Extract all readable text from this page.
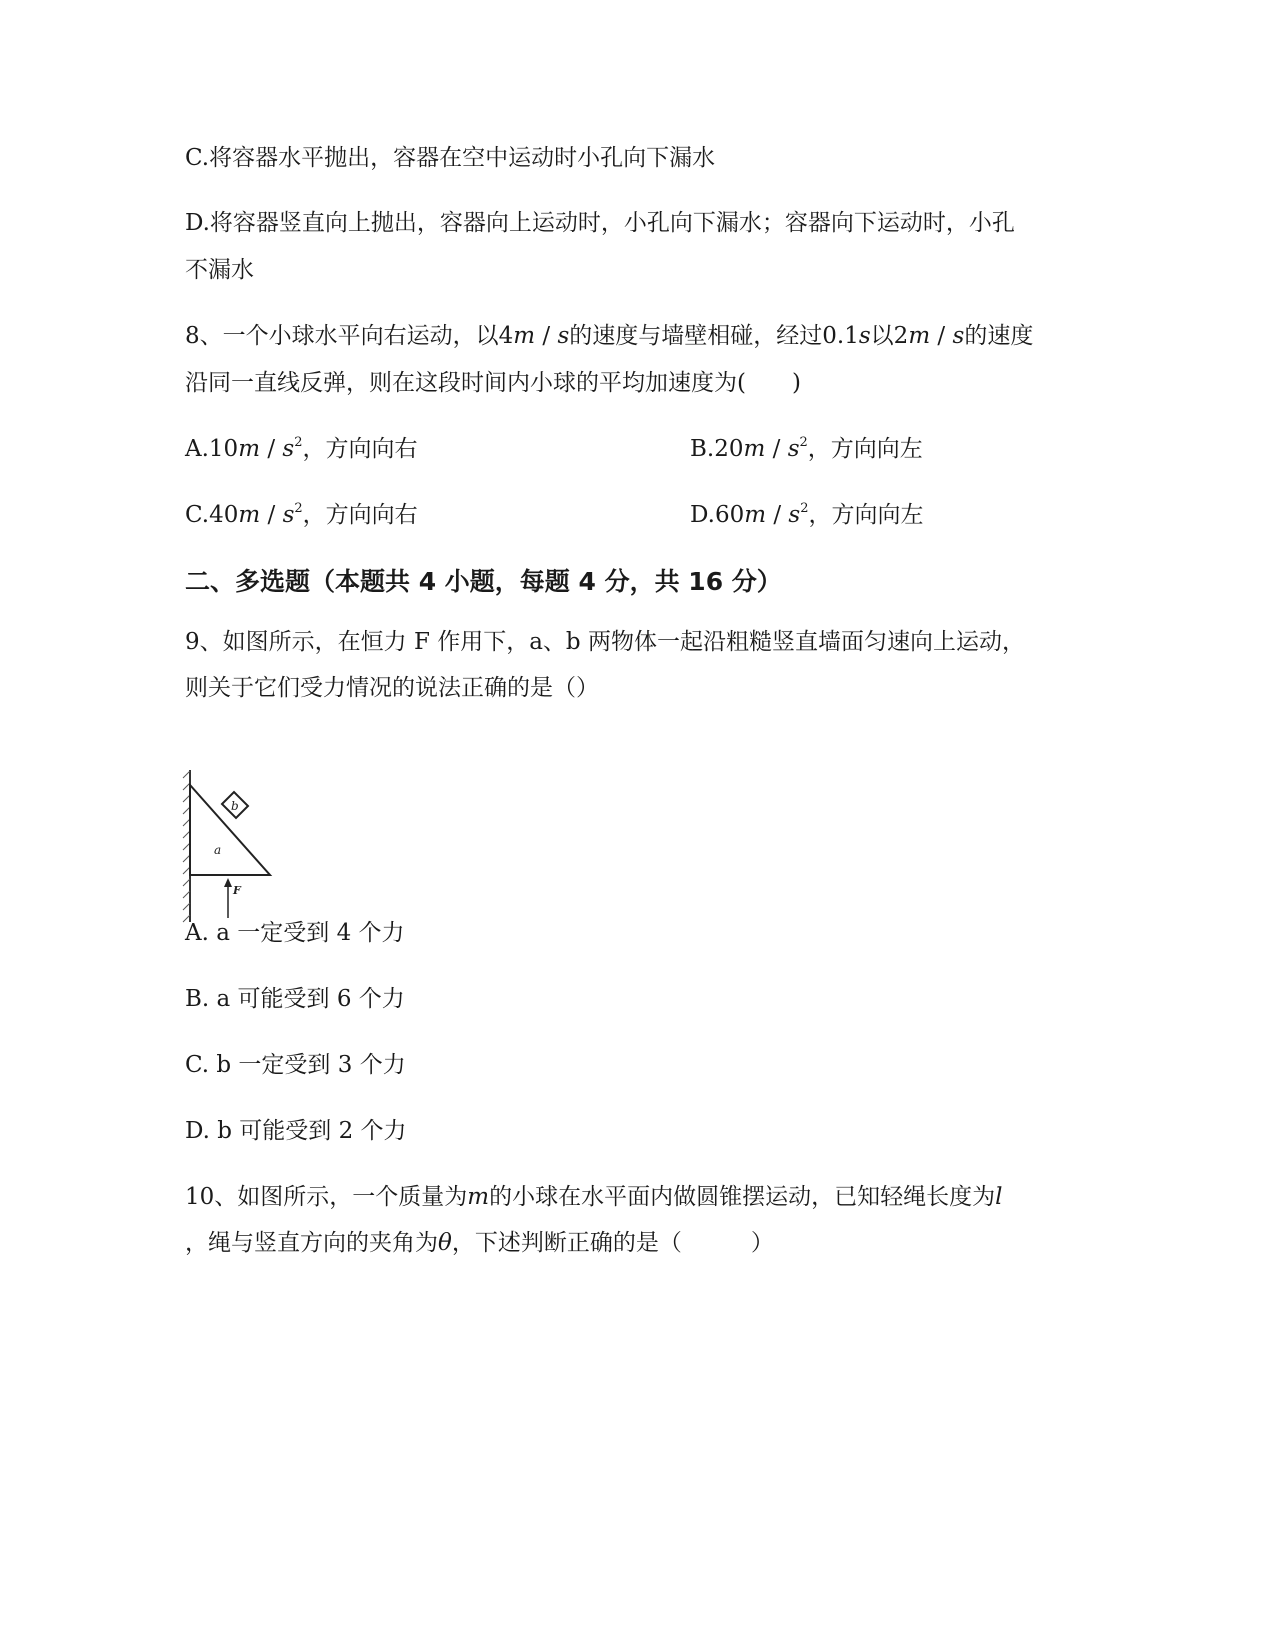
C.将容器水平抛出，容器在空中运动时小孔向下漏水
D.将容器竖直向上抛出，容器向上运动时，小孔向下漏水；容器向下运动时，小孔
不漏水
8、一个小球水平向右运动，以4m / s的速度与墙壁相碰，经过0.1s以2m / s的速度
沿同一直线反弹，则在这段时间内小球的平均加速度为(　　)
$A.10m / s^2$，方向向右	$B.20m / s^2$，方向向左
$C.40m / s^2$，方向向右	$D.60m / s^2$，方向向左
二、多选题（本题共 4 小题，每题 4 分，共 16 分）
9、如图所示，在恒力 F 作用下，a、b 两物体一起沿粗糙竖直墙面匀速向上运动，
则关于它们受力情况的说法正确的是（）
b
a
F
A. a 一定受到 4 个力
B. a 可能受到 6 个力
C. b 一定受到 3 个力
D. b 可能受到 2 个力
10、如图所示，一个质量为m的小球在水平面内做圆锥摆运动，已知轻绳长度为l
，绳与竖直方向的夹角为θ，下述判断正确的是（　　　）
